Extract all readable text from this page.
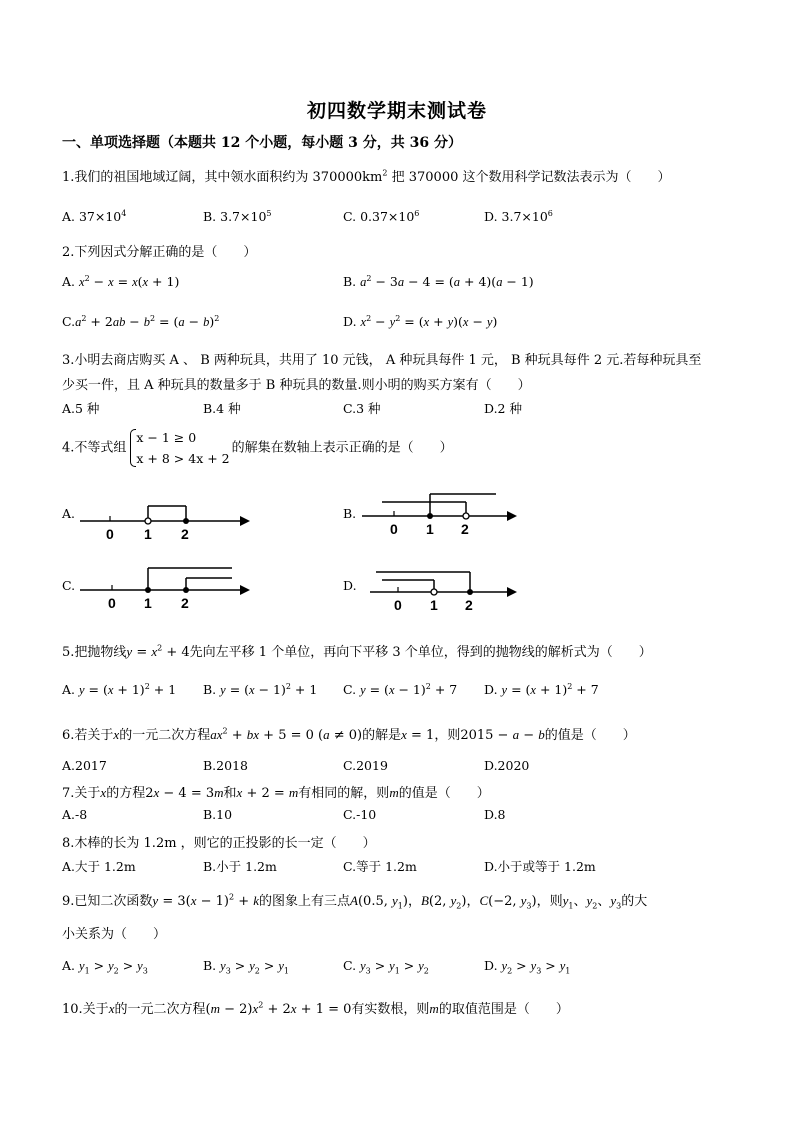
初四数学期末测试卷
一、单项选择题（本题共 12 个小题，每小题 3 分，共 36 分）
1.我们的祖国地域辽阔，其中领水面积约为 $370000km^2$ 把 370000 这个数用科学记数法表示为（　　）
A. $37\times 10^4$	B. $3.7\times 10^5$	C. $0.37\times 10^6$	D. $3.7\times 10^6$
2.下列因式分解正确的是（　　）
A. $x^2 - x = x(x + 1)$	B. $a^2 - 3a - 4 = (a + 4)(a - 1)$
$C.a^2 + 2ab - b^2 = (a - b)^2$	D. $x^2 - y^2 = (x + y)(x - y)$
3.小明去商店购买 A 、 B 两种玩具，共用了 10 元钱， A 种玩具每件 1 元， B 种玩具每件 2 元.若每种玩具至
少买一件，且 A 种玩具的数量多于 B 种玩具的数量.则小明的购买方案有（　　）
A.5 种	B.4 种	C.3 种	D.2 种
4.不等式组
x − 1 ≥ 0
x + 8 > 4x + 2
的解集在数轴上表示正确的是（　　）
A.
0 1 2
B.
0 1 2
C.
0 1 2
D.
0 1 2
5.把抛物线$y = x^2 + 4$先向左平移 1 个单位，再向下平移 3 个单位，得到的抛物线的解析式为（　　）
A. $y = (x + 1)^2 + 1$ B. $y = (x - 1)^2 + 1$ C. $y = (x - 1)^2 + 7$ D. $y = (x + 1)^2 + 7$
6.若关于x的一元二次方程$ax^2$ + bx + 5 = 0 (a ≠ 0)的解是x = 1，则2015 − a − b的值是（　　）
A.2017	B.2018	C.2019	D.2020
7.关于x的方程2x − 4 = 3m和x + 2 = m有相同的解，则m的值是（　　）
A.-8	B.10	C.-10	D.8
8.木棒的长为 1.2m ，则它的正投影的长一定（　　）
A.大于 1.2m	B.小于 1.2m	C.等于 1.2m	D.小于或等于 1.2m
9.已知二次函数$y = 3(x - 1)^2 + k$的图象上有三点A(0.5, $y_1$)，B(2, $y_2$)，C(−2, $y_3$)，则$y_1$、$y_2$、$y_3$的大
小关系为（　　）
A. $y_1 > y_2 > y_3$	B. $y_3 > y_2 > y_1$	C. $y_3 > y_1 > y_2$	D. $y_2 > y_3 > y_1$
10.关于x的一元二次方程$(m - 2)x^2 + 2x + 1 = 0$有实数根，则m的取值范围是（　　）
